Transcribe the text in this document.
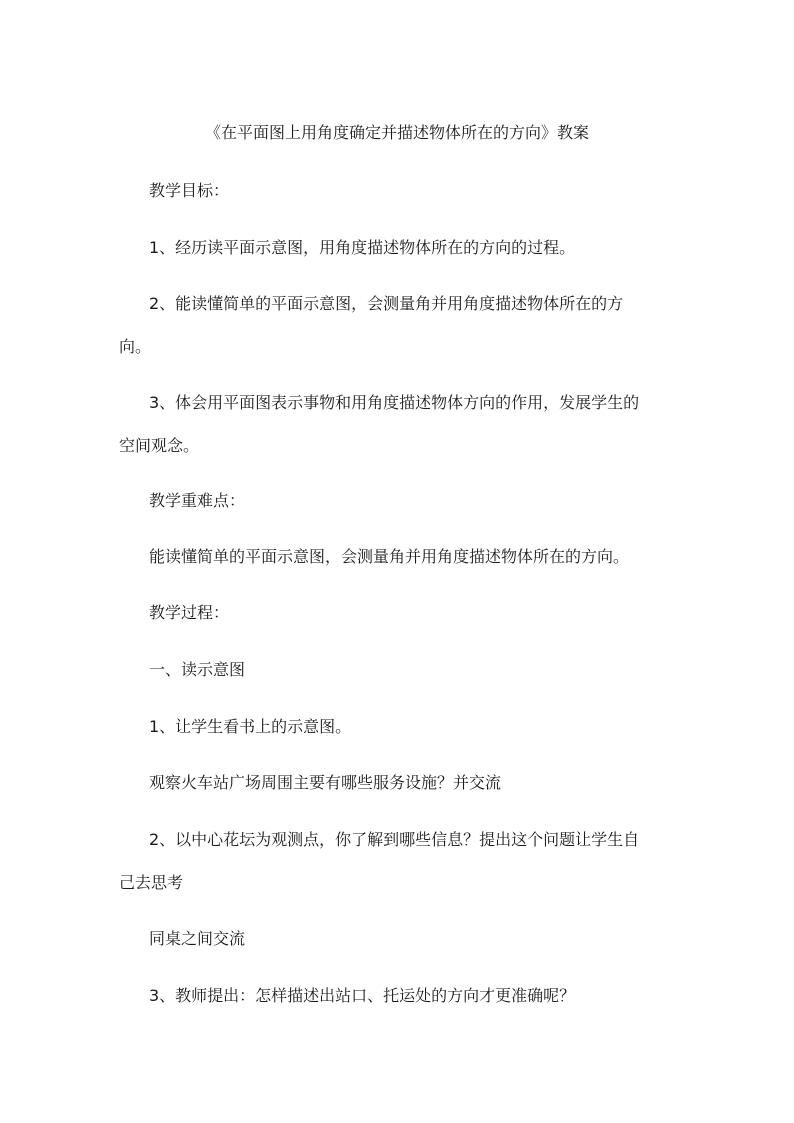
《在平面图上用角度确定并描述物体所在的方向》教案
教学目标：
1、经历读平面示意图，用角度描述物体所在的方向的过程。
2、能读懂简单的平面示意图，会测量角并用角度描述物体所在的方
向。
3、体会用平面图表示事物和用角度描述物体方向的作用，发展学生的
空间观念。
教学重难点：
能读懂简单的平面示意图，会测量角并用角度描述物体所在的方向。
教学过程：
一、读示意图
1、让学生看书上的示意图。
观察火车站广场周围主要有哪些服务设施？并交流
2、以中心花坛为观测点，你了解到哪些信息？提出这个问题让学生自
己去思考
同桌之间交流
3、教师提出：怎样描述出站口、托运处的方向才更准确呢？
